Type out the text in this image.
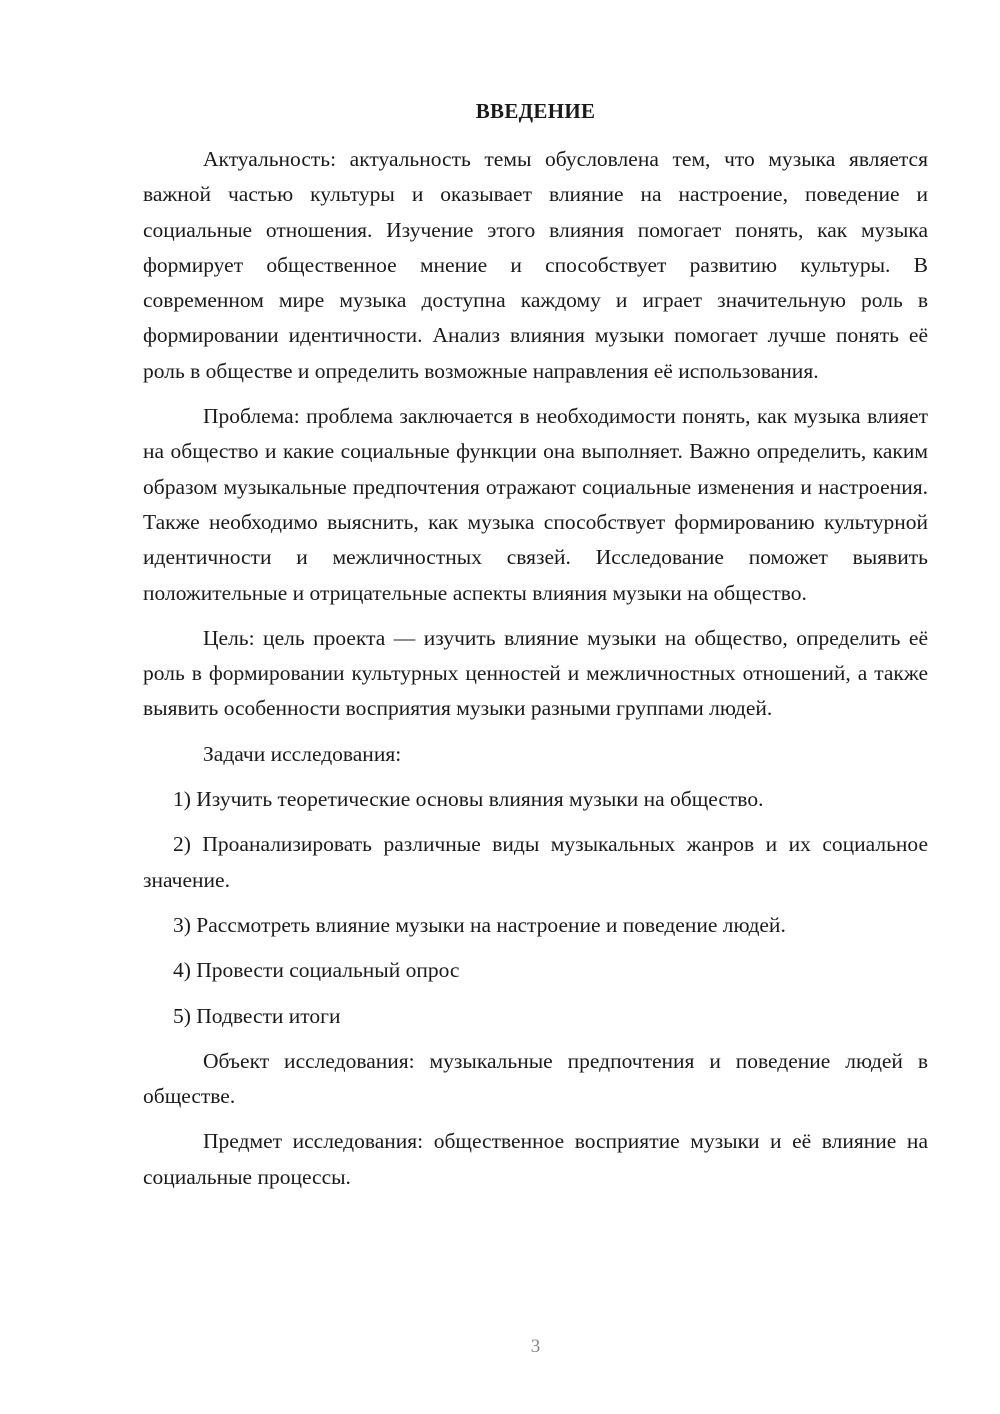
ВВЕДЕНИЕ

Актуальность: актуальность темы обусловлена тем, что музыка является важной частью культуры и оказывает влияние на настроение, поведение и социальные отношения. Изучение этого влияния помогает понять, как музыка формирует общественное мнение и способствует развитию культуры. В современном мире музыка доступна каждому и играет значительную роль в формировании идентичности. Анализ влияния музыки помогает лучше понять её роль в обществе и определить возможные направления её использования.

Проблема: проблема заключается в необходимости понять, как музыка влияет на общество и какие социальные функции она выполняет. Важно определить, каким образом музыкальные предпочтения отражают социальные изменения и настроения. Также необходимо выяснить, как музыка способствует формированию культурной идентичности и межличностных связей. Исследование поможет выявить положительные и отрицательные аспекты влияния музыки на общество.

Цель: цель проекта — изучить влияние музыки на общество, определить её роль в формировании культурных ценностей и межличностных отношений, а также выявить особенности восприятия музыки разными группами людей.

Задачи исследования:

1) Изучить теоретические основы влияния музыки на общество.

2) Проанализировать различные виды музыкальных жанров и их социальное значение.

3) Рассмотреть влияние музыки на настроение и поведение людей.

4) Провести социальный опрос

5) Подвести итоги

Объект исследования: музыкальные предпочтения и поведение людей в обществе.

Предмет исследования: общественное восприятие музыки и её влияние на социальные процессы.

3
